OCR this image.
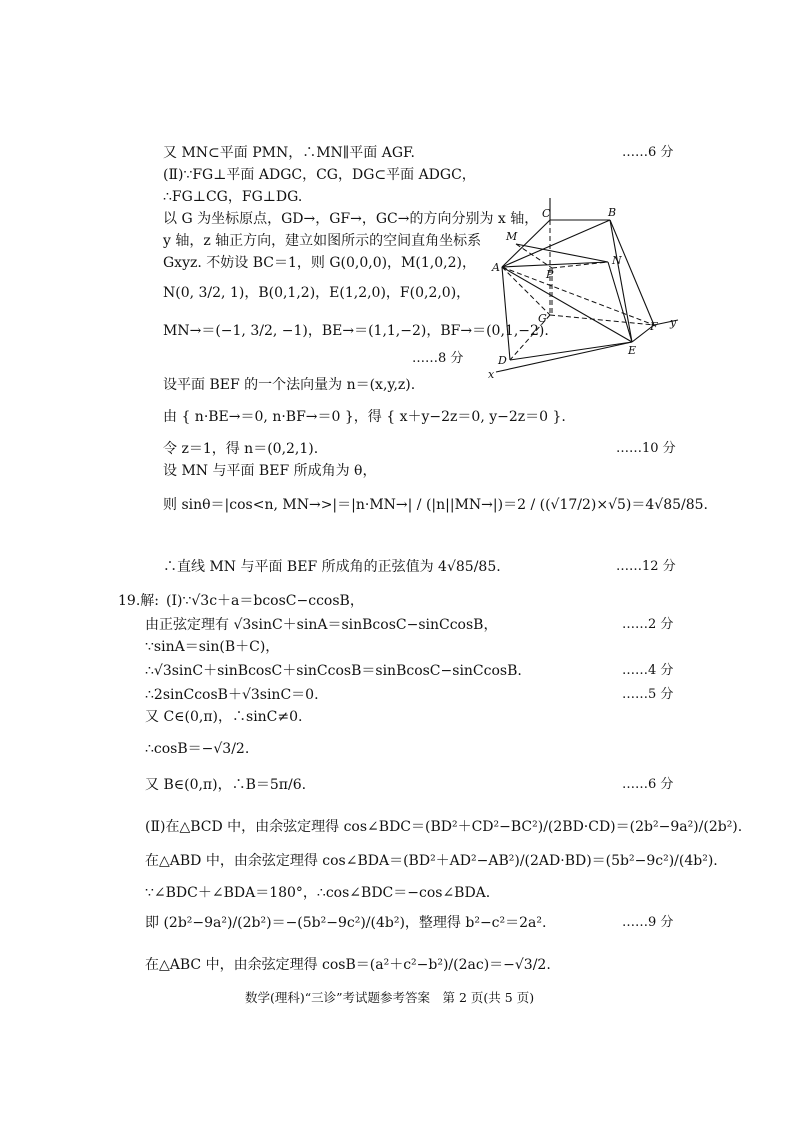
又 MN⊂平面 PMN，∴MN∥平面 AGF.	……6 分
(Ⅱ)∵FG⊥平面 ADGC，CG，DG⊂平面 ADGC，
∴FG⊥CG，FG⊥DG.
以 G 为坐标原点，GD→，GF→，GC→的方向分别为 x 轴，
y 轴，z 轴正方向，建立如图所示的空间直角坐标系
Gxyz. 不妨设 BC＝1，则 G(0,0,0)，M(1,0,2)，
N(0, 3/2, 1)，B(0,1,2)，E(1,2,0)，F(0,2,0)，
MN→＝(−1, 3/2, −1)，BE→＝(1,1,−2)，BF→＝(0,1,−2).
……8 分
设平面 BEF 的一个法向量为 n＝(x,y,z).
由 { n·BE→＝0, n·BF→＝0 }，得 { x＋y−2z＝0, y−2z＝0 }.
令 z＝1，得 n＝(0,2,1).	……10 分
设 MN 与平面 BEF 所成角为 θ，
则 sinθ＝|cos<n, MN→>|＝|n·MN→| / (|n||MN→|)＝2 / ((√17/2)×√5)＝4√85/85.
∴直线 MN 与平面 BEF 所成角的正弦值为 4√85/85.	……12 分
C	B
M
N
A
P
G
F y
E
D
x
19.解: (Ⅰ)∵√3c＋a＝bcosC−ccosB，
由正弦定理有 √3sinC＋sinA＝sinBcosC−sinCcosB，	……2 分
∵sinA＝sin(B＋C)，
∴√3sinC＋sinBcosC＋sinCcosB＝sinBcosC−sinCcosB.	……4 分
∴2sinCcosB＋√3sinC＝0.	……5 分
又 C∈(0,π)，∴sinC≠0.
∴cosB＝−√3/2.
又 B∈(0,π)，∴B＝5π/6.	……6 分
(Ⅱ)在△BCD 中，由余弦定理得 cos∠BDC＝(BD²＋CD²−BC²)/(2BD·CD)＝(2b²−9a²)/(2b²).
在△ABD 中，由余弦定理得 cos∠BDA＝(BD²＋AD²−AB²)/(2AD·BD)＝(5b²−9c²)/(4b²).
∵∠BDC＋∠BDA＝180°，∴cos∠BDC＝−cos∠BDA.
即 (2b²−9a²)/(2b²)＝−(5b²−9c²)/(4b²)，整理得 b²−c²＝2a².	……9 分
在△ABC 中，由余弦定理得 cosB＝(a²＋c²−b²)/(2ac)＝−√3/2.
数学(理科)“三诊”考试题参考答案　第 2 页(共 5 页)
